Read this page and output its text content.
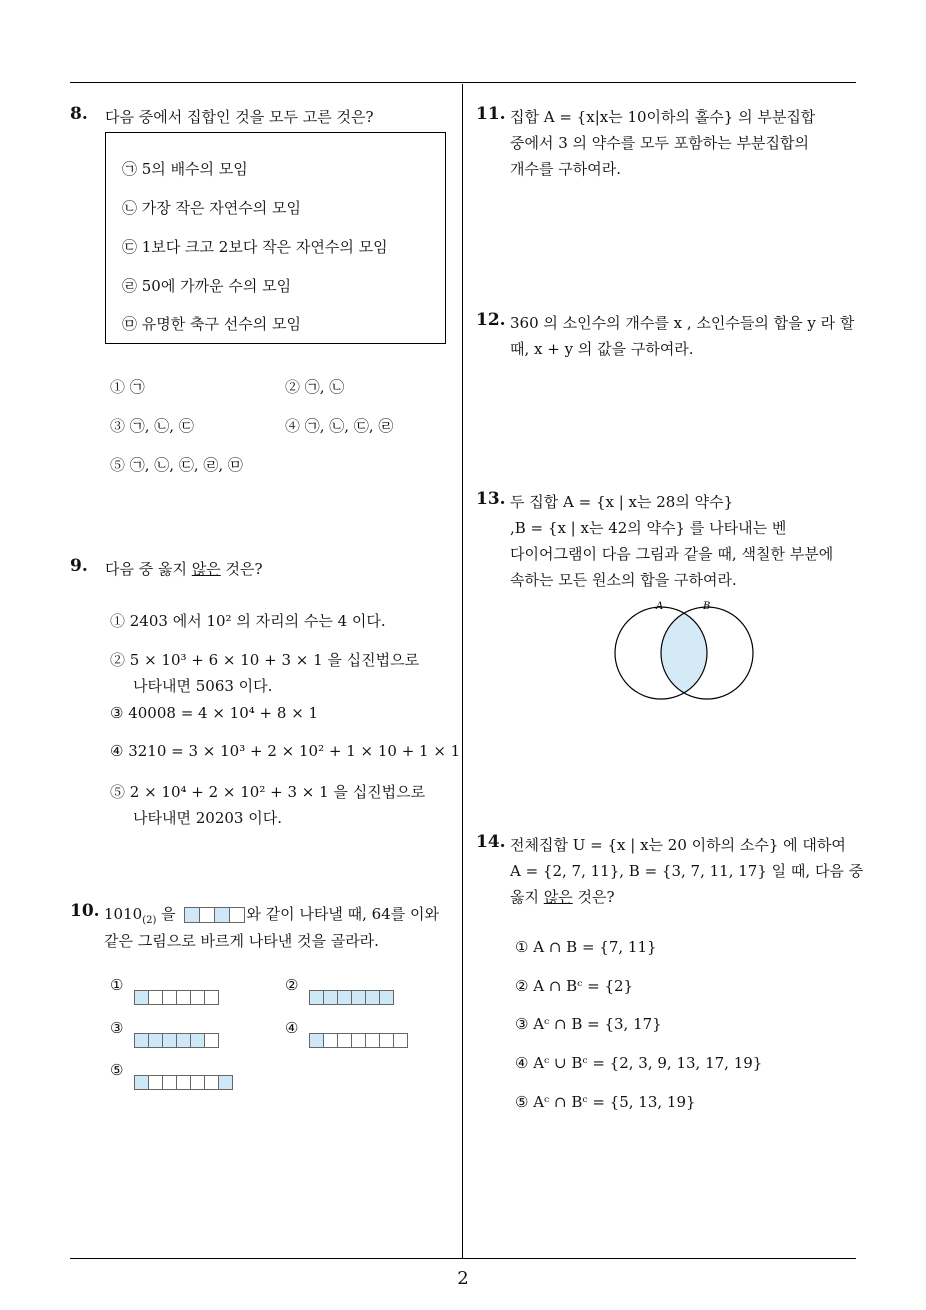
8. 다음 중에서 집합인 것을 모두 고른 것은?
㉠ 5의 배수의 모임
㉡ 가장 작은 자연수의 모임
㉢ 1보다 크고 2보다 작은 자연수의 모임
㉣ 50에 가까운 수의 모임
㉤ 유명한 축구 선수의 모임
① ㉠	② ㉠, ㉡
③ ㉠, ㉡, ㉢	④ ㉠, ㉡, ㉢, ㉣
⑤ ㉠, ㉡, ㉢, ㉣, ㉤
9. 다음 중 옳지 않은 것은?
① 2403 에서 10² 의 자리의 수는 4 이다.
② 5 × 10³ + 6 × 10 + 3 × 1 을 십진법으로
나타내면 5063 이다.
③ 40008 = 4 × 10⁴ + 8 × 1
④ 3210 = 3 × 10³ + 2 × 10² + 1 × 10 + 1 × 1
⑤ 2 × 10⁴ + 2 × 10² + 3 × 1 을 십진법으로
나타내면 20203 이다.
10. $1010_{(2)}$ 을	와 같이 나타낼 때, 64를 이와
같은 그림으로 바르게 나타낸 것을 골라라.
①	②
③	④
⑤
11. 집합 A = {x|x는 10이하의 홀수} 의 부분집합
중에서 3 의 약수를 모두 포함하는 부분집합의
개수를 구하여라.
12. 360 의 소인수의 개수를 x , 소인수들의 합을 y 라 할
때, x + y 의 값을 구하여라.
13. 두 집합 A = {x | x는 28의 약수}
,B = {x | x는 42의 약수} 를 나타내는 벤
다이어그램이 다음 그림과 같을 때, 색칠한 부분에
속하는 모든 원소의 합을 구하여라.
A	B
14. 전체집합 U = {x | x는 20 이하의 소수} 에 대하여
A = {2, 7, 11}, B = {3, 7, 11, 17} 일 때, 다음 중
옳지 않은 것은?
① A ∩ B = {7, 11}
② A ∩ Bᶜ = {2}
③ Aᶜ ∩ B = {3, 17}
④ Aᶜ ∪ Bᶜ = {2, 3, 9, 13, 17, 19}
⑤ Aᶜ ∩ Bᶜ = {5, 13, 19}
2
